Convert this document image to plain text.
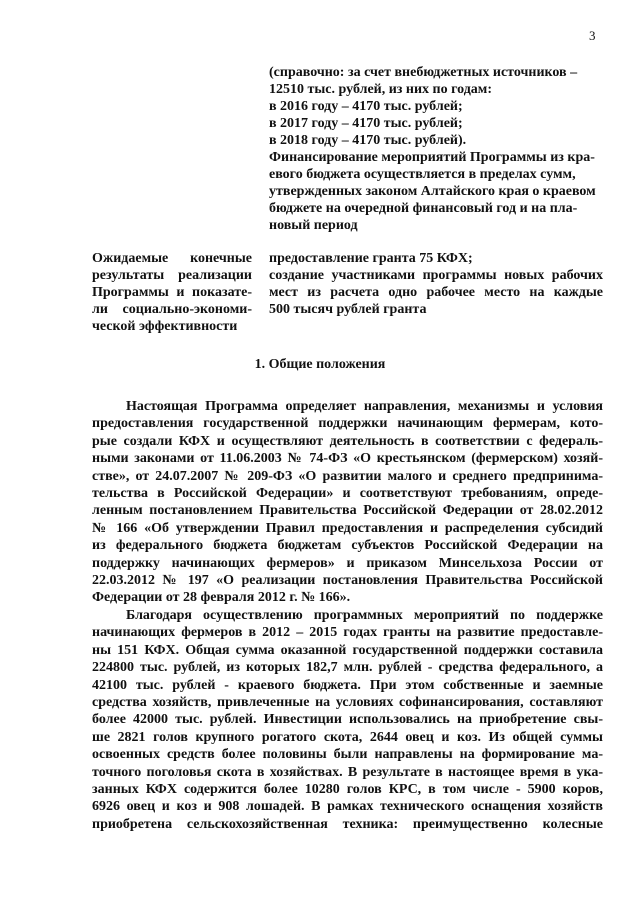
3
(справочно: за счет внебюджетных источников –
12510 тыс. рублей, из них по годам:
в 2016 году – 4170 тыс. рублей;
в 2017 году – 4170 тыс. рублей;
в 2018 году – 4170 тыс. рублей).
Финансирование мероприятий Программы из кра-
евого бюджета осуществляется в пределах сумм,
утвержденных законом Алтайского края о краевом
бюджете на очередной финансовый год и на пла-
новый период
Ожидаемые конечные
результаты реализации
Программы и показате-
ли социально-экономи-
ческой эффективности
предоставление гранта 75 КФХ;
создание участниками программы новых рабочих
мест из расчета одно рабочее место на каждые
500 тысяч рублей гранта
1. Общие положения
Настоящая Программа определяет направления, механизмы и условия
предоставления государственной поддержки начинающим фермерам, кото-
рые создали КФХ и осуществляют деятельность в соответствии с федераль-
ными законами от 11.06.2003 № 74-ФЗ «О крестьянском (фермерском) хозяй-
стве», от 24.07.2007 № 209-ФЗ «О развитии малого и среднего предпринима-
тельства в Российской Федерации» и соответствуют требованиям, опреде-
ленным постановлением Правительства Российской Федерации от 28.02.2012
№ 166 «Об утверждении Правил предоставления и распределения субсидий
из федерального бюджета бюджетам субъектов Российской Федерации на
поддержку начинающих фермеров» и приказом Минсельхоза России от
22.03.2012 № 197 «О реализации постановления Правительства Российской
Федерации от 28 февраля 2012 г. № 166».
Благодаря осуществлению программных мероприятий по поддержке
начинающих фермеров в 2012 – 2015 годах гранты на развитие предоставле-
ны 151 КФХ. Общая сумма оказанной государственной поддержки составила
224800 тыс. рублей, из которых 182,7 млн. рублей - средства федерального, а
42100 тыс. рублей - краевого бюджета. При этом собственные и заемные
средства хозяйств, привлеченные на условиях софинансирования, составляют
более 42000 тыс. рублей. Инвестиции использовались на приобретение свы-
ше 2821 голов крупного рогатого скота, 2644 овец и коз. Из общей суммы
освоенных средств более половины были направлены на формирование ма-
точного поголовья скота в хозяйствах. В результате в настоящее время в ука-
занных КФХ содержится более 10280 голов КРС, в том числе - 5900 коров,
6926 овец и коз и 908 лошадей. В рамках технического оснащения хозяйств
приобретена сельскохозяйственная техника: преимущественно колесные
